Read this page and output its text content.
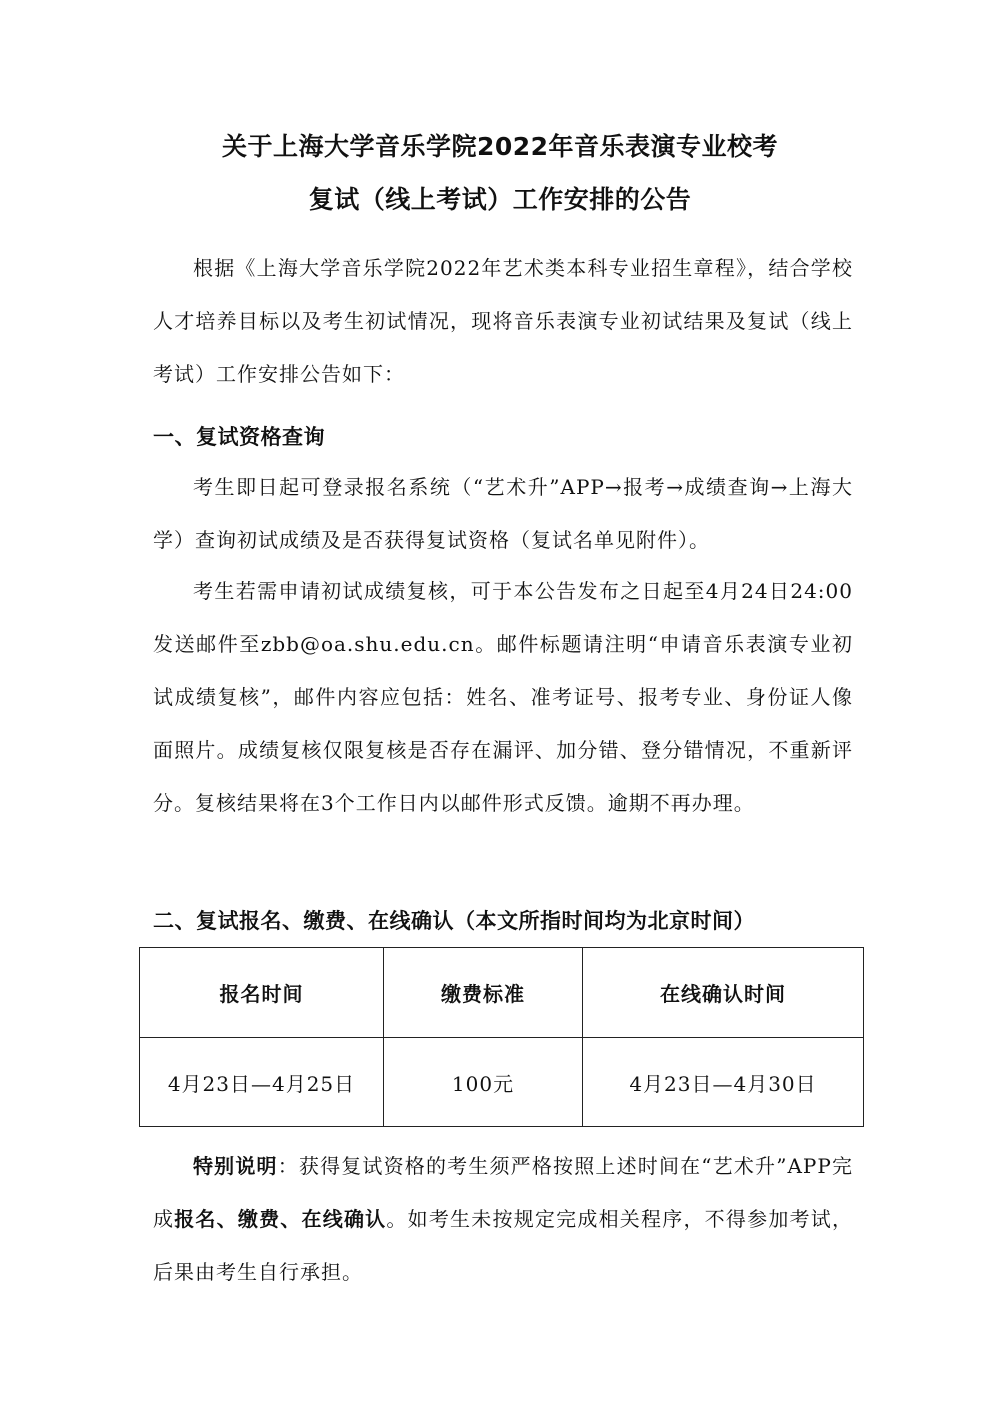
关于上海大学音乐学院2022年音乐表演专业校考
复试（线上考试）工作安排的公告

根据《上海大学音乐学院2022年艺术类本科专业招生章程》，结合学校人才培养目标以及考生初试情况，现将音乐表演专业初试结果及复试（线上考试）工作安排公告如下：

一、复试资格查询

考生即日起可登录报名系统（“艺术升”APP→报考→成绩查询→上海大学）查询初试成绩及是否获得复试资格（复试名单见附件）。

考生若需申请初试成绩复核，可于本公告发布之日起至4月24日24:00发送邮件至zbb@oa.shu.edu.cn。邮件标题请注明“申请音乐表演专业初试成绩复核”，邮件内容应包括：姓名、准考证号、报考专业、身份证人像面照片。成绩复核仅限复核是否存在漏评、加分错、登分错情况，不重新评分。复核结果将在3个工作日内以邮件形式反馈。逾期不再办理。

二、复试报名、缴费、在线确认（本文所指时间均为北京时间）
报名时间	缴费标准	在线确认时间
4月23日—4月25日	100元	4月23日—4月30日

特别说明：获得复试资格的考生须严格按照上述时间在“艺术升”APP完成报名、缴费、在线确认。如考生未按规定完成相关程序，不得参加考试，后果由考生自行承担。
